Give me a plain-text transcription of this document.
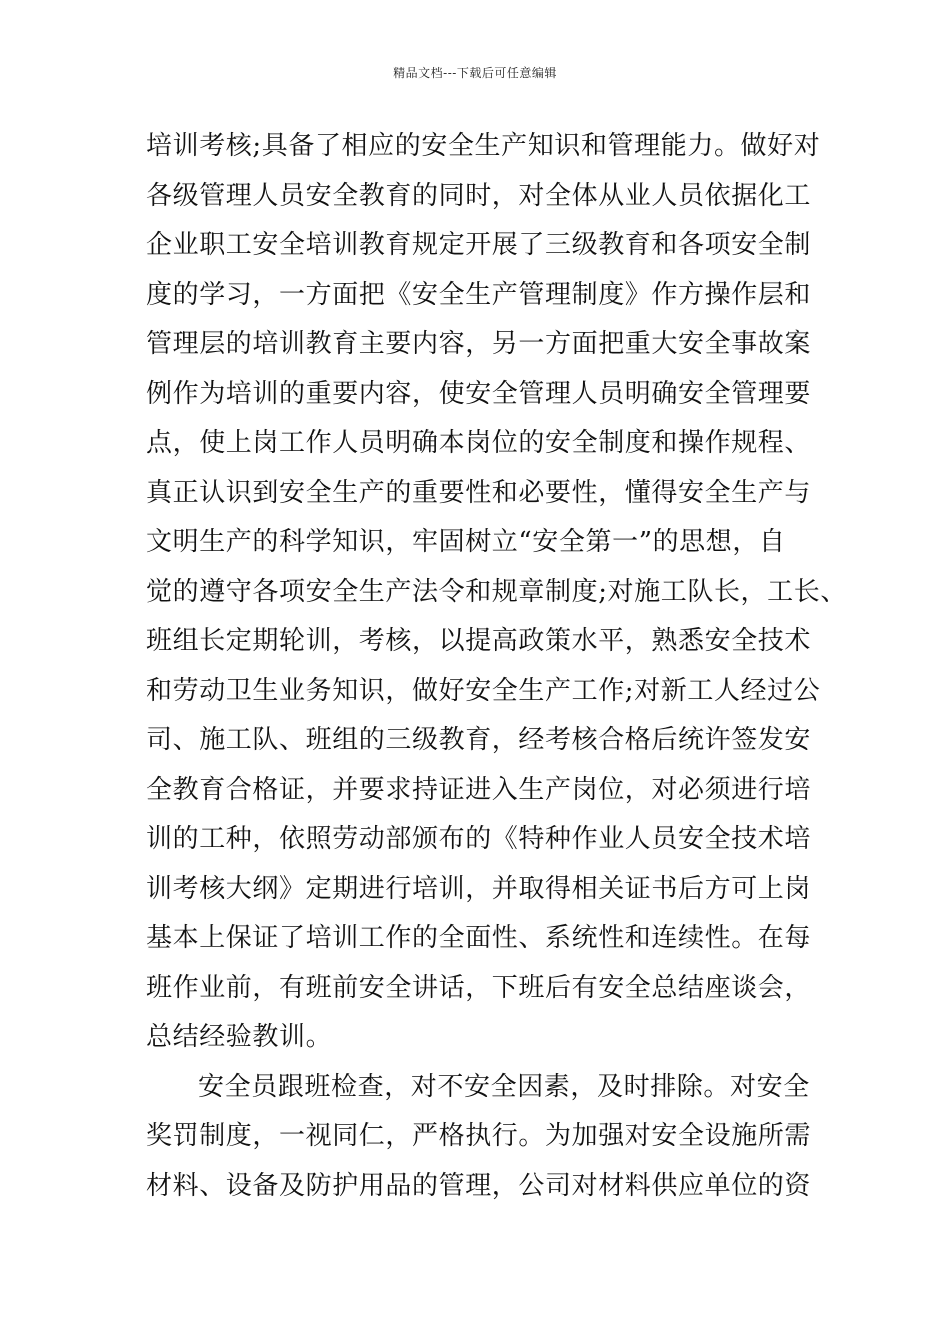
精品文档---下载后可任意编辑
培训考核;具备了相应的安全生产知识和管理能力。做好对
各级管理人员安全教育的同时，对全体从业人员依据化工
企业职工安全培训教育规定开展了三级教育和各项安全制
度的学习，一方面把《安全生产管理制度》作方操作层和
管理层的培训教育主要内容，另一方面把重大安全事故案
例作为培训的重要内容，使安全管理人员明确安全管理要
点，使上岗工作人员明确本岗位的安全制度和操作规程、
真正认识到安全生产的重要性和必要性，懂得安全生产与
文明生产的科学知识，牢固树立“安全第一”的思想，自
觉的遵守各项安全生产法令和规章制度;对施工队长，工长、
班组长定期轮训，考核，以提高政策水平，熟悉安全技术
和劳动卫生业务知识，做好安全生产工作;对新工人经过公
司、施工队、班组的三级教育，经考核合格后统许签发安
全教育合格证，并要求持证进入生产岗位，对必须进行培
训的工种，依照劳动部颁布的《特种作业人员安全技术培
训考核大纲》定期进行培训，并取得相关证书后方可上岗
基本上保证了培训工作的全面性、系统性和连续性。在每
班作业前，有班前安全讲话，下班后有安全总结座谈会，
总结经验教训。
安全员跟班检查，对不安全因素，及时排除。对安全
奖罚制度，一视同仁，严格执行。为加强对安全设施所需
材料、设备及防护用品的管理，公司对材料供应单位的资
